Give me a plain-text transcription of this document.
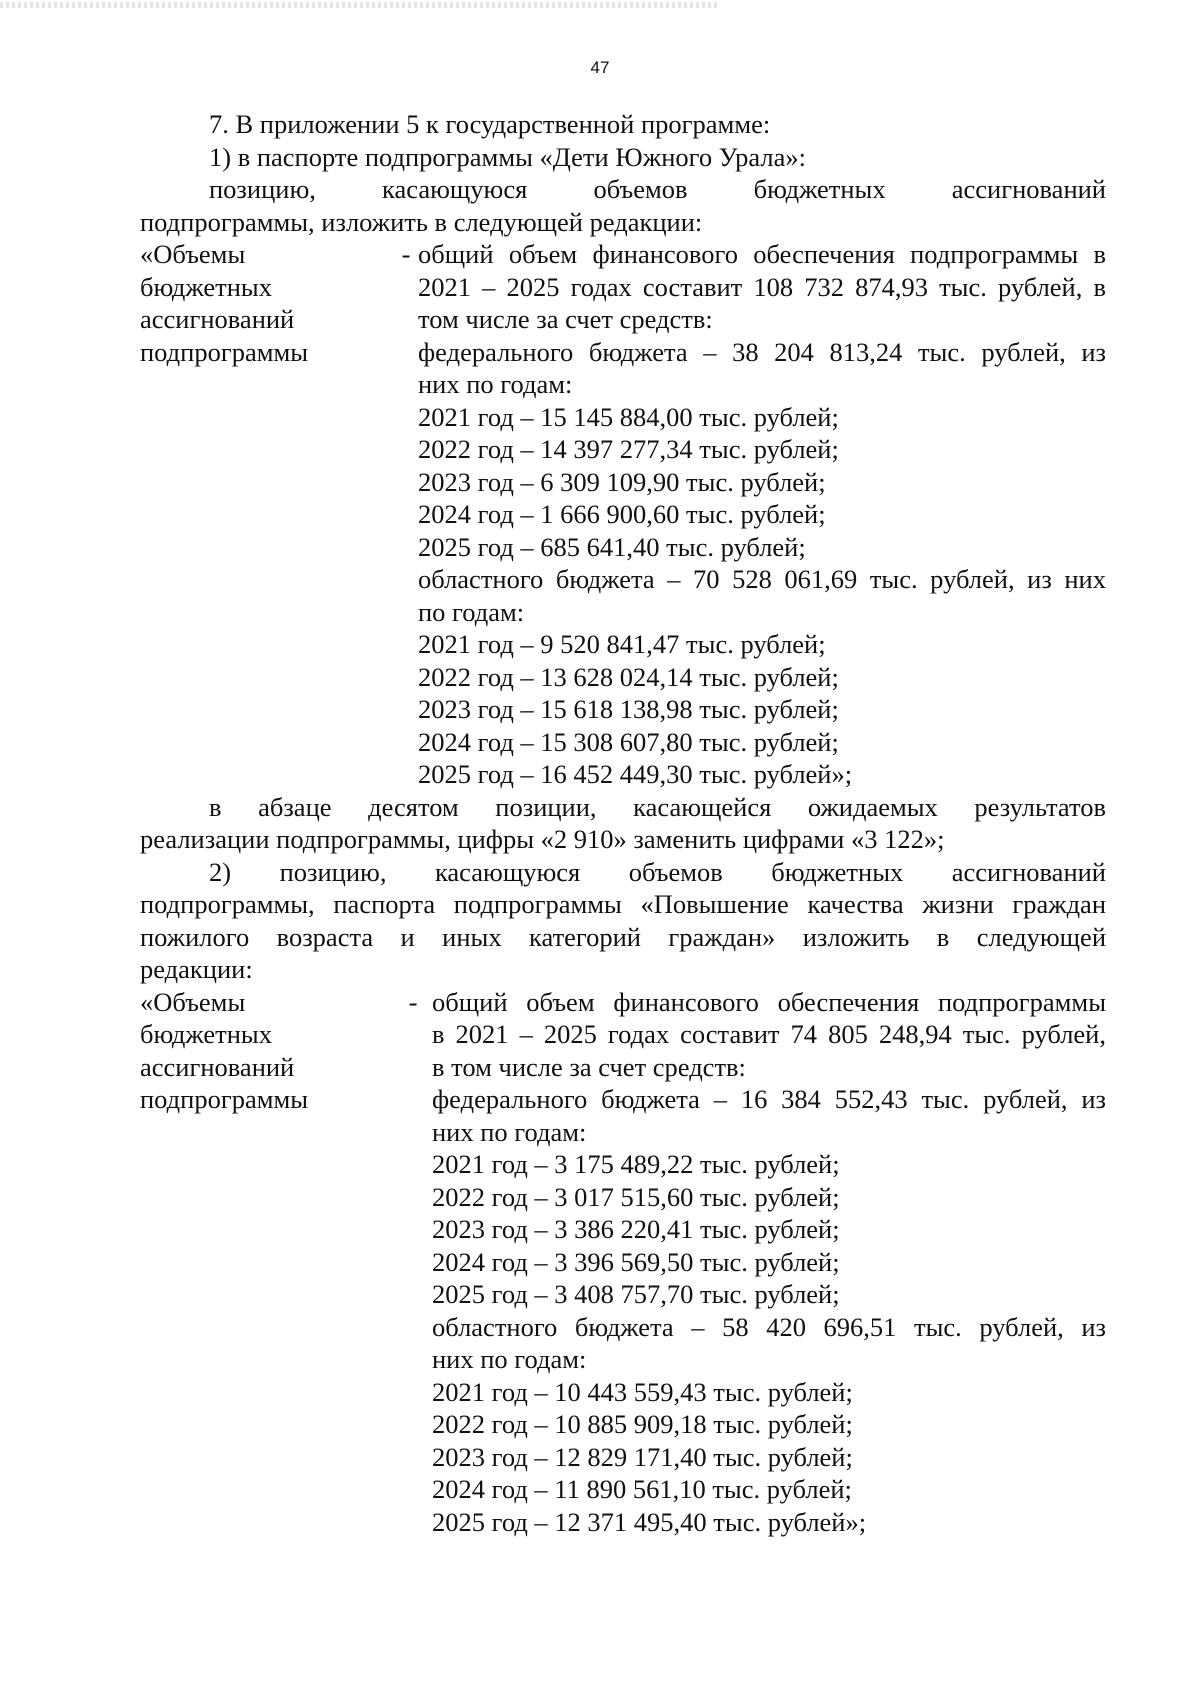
47

7. В приложении 5 к государственной программе:

1) в паспорте подпрограммы «Дети Южного Урала»:

позицию, касающуюся объемов бюджетных ассигнований

подпрограммы, изложить в следующей редакции:

«Объемы

бюджетных

ассигнований

подпрограммы

- общий объем финансового обеспечения подпрограммы в

2021 – 2025 годах составит 108 732 874,93 тыс. рублей, в

том числе за счет средств:

федерального бюджета – 38 204 813,24 тыс. рублей, из

них по годам:

2021 год – 15 145 884,00 тыс. рублей;

2022 год – 14 397 277,34 тыс. рублей;

2023 год – 6 309 109,90 тыс. рублей;

2024 год – 1 666 900,60 тыс. рублей;

2025 год – 685 641,40 тыс. рублей;

областного бюджета – 70 528 061,69 тыс. рублей, из них

по годам:

2021 год – 9 520 841,47 тыс. рублей;

2022 год – 13 628 024,14 тыс. рублей;

2023 год – 15 618 138,98 тыс. рублей;

2024 год – 15 308 607,80 тыс. рублей;

2025 год – 16 452 449,30 тыс. рублей»;

в абзаце десятом позиции, касающейся ожидаемых результатов

реализации подпрограммы, цифры «2 910» заменить цифрами «3 122»;

2) позицию, касающуюся объемов бюджетных ассигнований

подпрограммы, паспорта подпрограммы «Повышение качества жизни граждан

пожилого возраста и иных категорий граждан» изложить в следующей

редакции:

«Объемы

бюджетных

ассигнований

подпрограммы

- общий объем финансового обеспечения подпрограммы

в 2021 – 2025 годах составит 74 805 248,94 тыс. рублей,

в том числе за счет средств:

федерального бюджета – 16 384 552,43 тыс. рублей, из

них по годам:

2021 год – 3 175 489,22 тыс. рублей;

2022 год – 3 017 515,60 тыс. рублей;

2023 год – 3 386 220,41 тыс. рублей;

2024 год – 3 396 569,50 тыс. рублей;

2025 год – 3 408 757,70 тыс. рублей;

областного бюджета – 58 420 696,51 тыс. рублей, из

них по годам:

2021 год – 10 443 559,43 тыс. рублей;

2022 год – 10 885 909,18 тыс. рублей;

2023 год – 12 829 171,40 тыс. рублей;

2024 год – 11 890 561,10 тыс. рублей;

2025 год – 12 371 495,40 тыс. рублей»;
